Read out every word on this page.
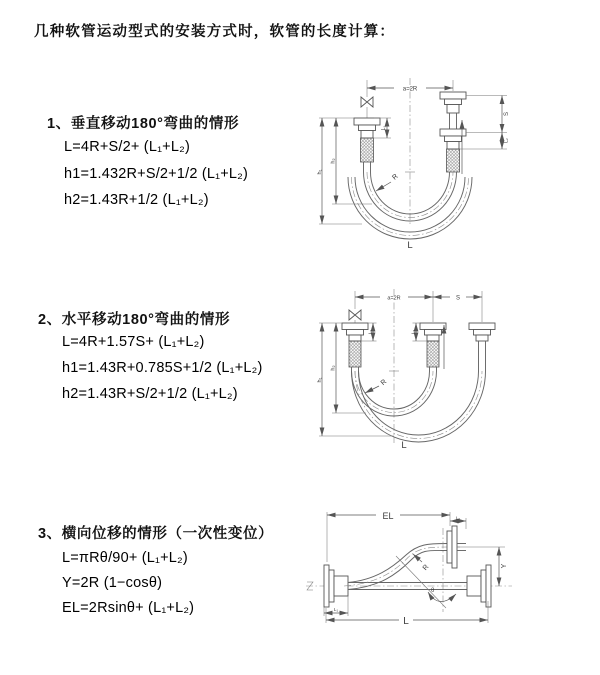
几种软管运动型式的安装方式时，软管的长度计算：
1、垂直移动180°弯曲的情形
L=4R+S/2+ (L₁+L₂)
h1=1.432R+S/2+1/2 (L₁+L₂)
h2=1.43R+1/2 (L₁+L₂)
2、水平移动180°弯曲的情形
L=4R+1.57S+ (L₁+L₂)
h1=1.43R+0.785S+1/2 (L₁+L₂)
h2=1.43R+S/2+1/2 (L₁+L₂)
3、横向位移的情形（一次性变位）
L=πRθ/90+ (L₁+L₂)
Y=2R (1−cosθ)
EL=2Rsinθ+ (L₁+L₂)
a=2R
L₁
S
L₂
h₁
h₂
R
L
a=2R	S
L₁	L₂
h₁
h₂
R
L
θ
R
EL	L₂
Y
L₁
L
